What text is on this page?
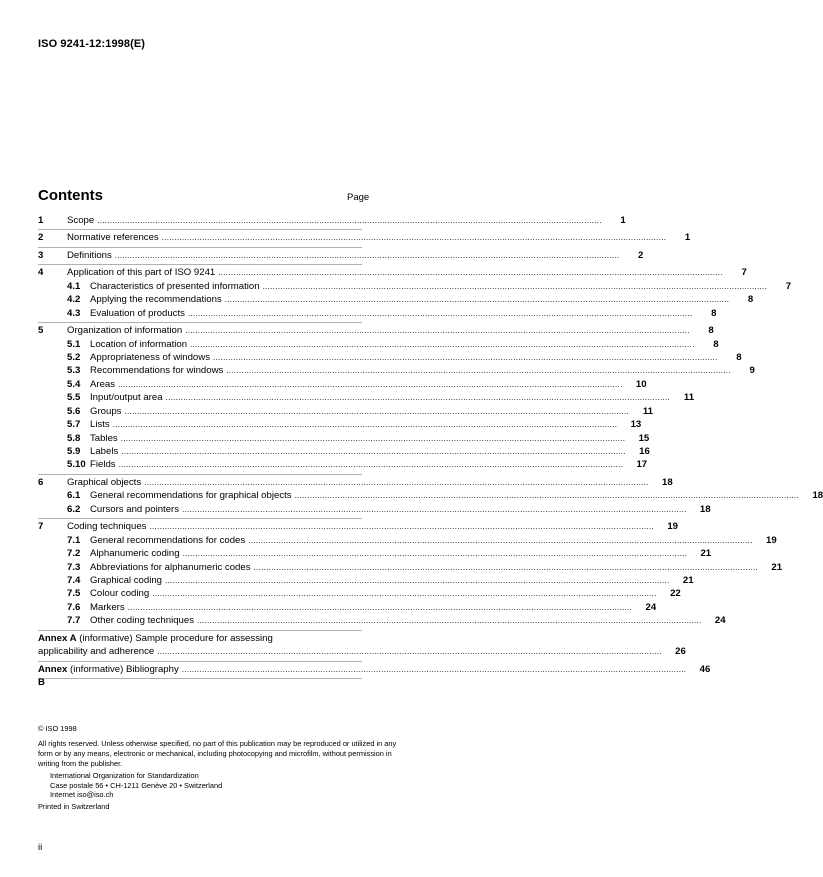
ISO 9241-12:1998(E)
Contents	Page
1	Scope ........................................................................................................................................................................................................	1
2	Normative references ........................................................................................................................................................................................................	1
3	Definitions ........................................................................................................................................................................................................	2
4	Application of this part of ISO 9241 ........................................................................................................................................................................................................	7
4.1	Characteristics of presented information ........................................................................................................................................................................................................	7
4.2	Applying the recommendations ........................................................................................................................................................................................................	8
4.3	Evaluation of products ........................................................................................................................................................................................................	8
5	Organization of information ........................................................................................................................................................................................................	8
5.1	Location of information ........................................................................................................................................................................................................	8
5.2	Appropriateness of windows ........................................................................................................................................................................................................	8
5.3	Recommendations for windows ........................................................................................................................................................................................................	9
5.4	Areas ........................................................................................................................................................................................................	10
5.5	Input/output area ........................................................................................................................................................................................................	11
5.6	Groups ........................................................................................................................................................................................................	11
5.7	Lists ........................................................................................................................................................................................................	13
5.8	Tables ........................................................................................................................................................................................................	15
5.9	Labels ........................................................................................................................................................................................................	16
5.10 Fields ........................................................................................................................................................................................................	17
6	Graphical objects ........................................................................................................................................................................................................	18
6.1	General recommendations for graphical objects ........................................................................................................................................................................................................	18
6.2	Cursors and pointers ........................................................................................................................................................................................................	18
7	Coding techniques ........................................................................................................................................................................................................	19
7.1	General recommendations for codes ........................................................................................................................................................................................................	19
7.2	Alphanumeric coding ........................................................................................................................................................................................................	21
7.3	Abbreviations for alphanumeric codes ........................................................................................................................................................................................................	21
7.4	Graphical coding ........................................................................................................................................................................................................	21
7.5	Colour coding ........................................................................................................................................................................................................	22
7.6	Markers ........................................................................................................................................................................................................	24
7.7	Other coding techniques ........................................................................................................................................................................................................	24
Annex A
(informative) Sample procedure for assessing
applicability and adherence ........................................................................................................................................................................................................	26
Annex B

(informative) Bibliography ........................................................................................................................................................................................................	46
© ISO 1998

All rights reserved. Unless otherwise specified, no part of this publication may be reproduced or utilized in any form or by any means, electronic or mechanical, including photocopying and microfilm, without permission in writing from the publisher.

International Organization for Standardization
Case postale 56 • CH-1211 Genève 20 • Switzerland
Internet iso@iso.ch
Printed in Switzerland
ii
